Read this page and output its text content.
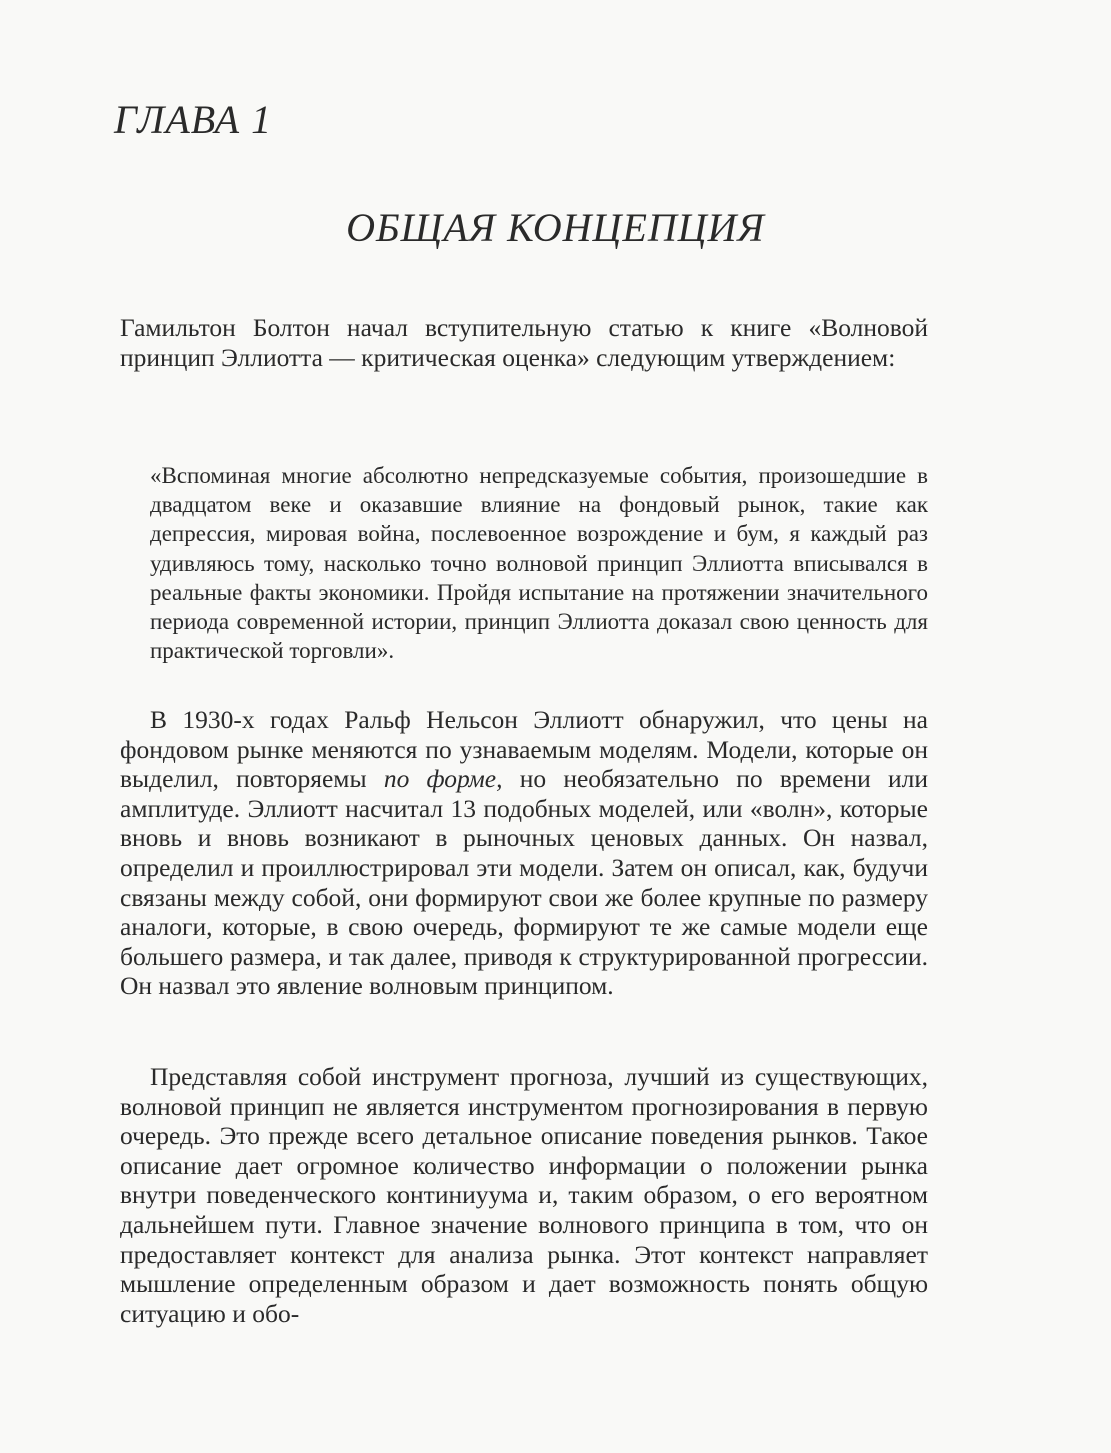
ГЛАВА 1
ОБЩАЯ КОНЦЕПЦИЯ

Гамильтон Болтон начал вступительную статью к книге «Волновой принцип Эллиотта — критическая оценка» следующим утверждением:

«Вспоминая многие абсолютно непредсказуемые события, произошедшие в двадцатом веке и оказавшие влияние на фондовый рынок, такие как депрессия, мировая война, послевоенное возрождение и бум, я каждый раз удивляюсь тому, насколько точно волновой принцип Эллиотта вписывался в реальные факты экономики. Пройдя испытание на протяжении значительного периода современной истории, принцип Эллиотта доказал свою ценность для практической торговли».

В 1930-х годах Ральф Нельсон Эллиотт обнаружил, что цены на фондовом рынке меняются по узнаваемым моделям. Модели, которые он выделил, повторяемы по форме, но необязательно по времени или амплитуде. Эллиотт насчитал 13 подобных моделей, или «волн», которые вновь и вновь возникают в рыночных ценовых данных. Он назвал, определил и проиллюстрировал эти модели. Затем он описал, как, будучи связаны между собой, они формируют свои же более крупные по размеру аналоги, которые, в свою очередь, формируют те же самые модели еще большего размера, и так далее, приводя к структурированной прогрессии. Он назвал это явление волновым принципом.

Представляя собой инструмент прогноза, лучший из существующих, волновой принцип не является инструментом прогнозирования в первую очередь. Это прежде всего детальное описание поведения рынков. Такое описание дает огромное количество информации о положении рынка внутри поведенческого континиуума и, таким образом, о его вероятном дальнейшем пути. Главное значение волнового принципа в том, что он предоставляет контекст для анализа рынка. Этот контекст направляет мышление определенным образом и дает возможность понять общую ситуацию и обо-
